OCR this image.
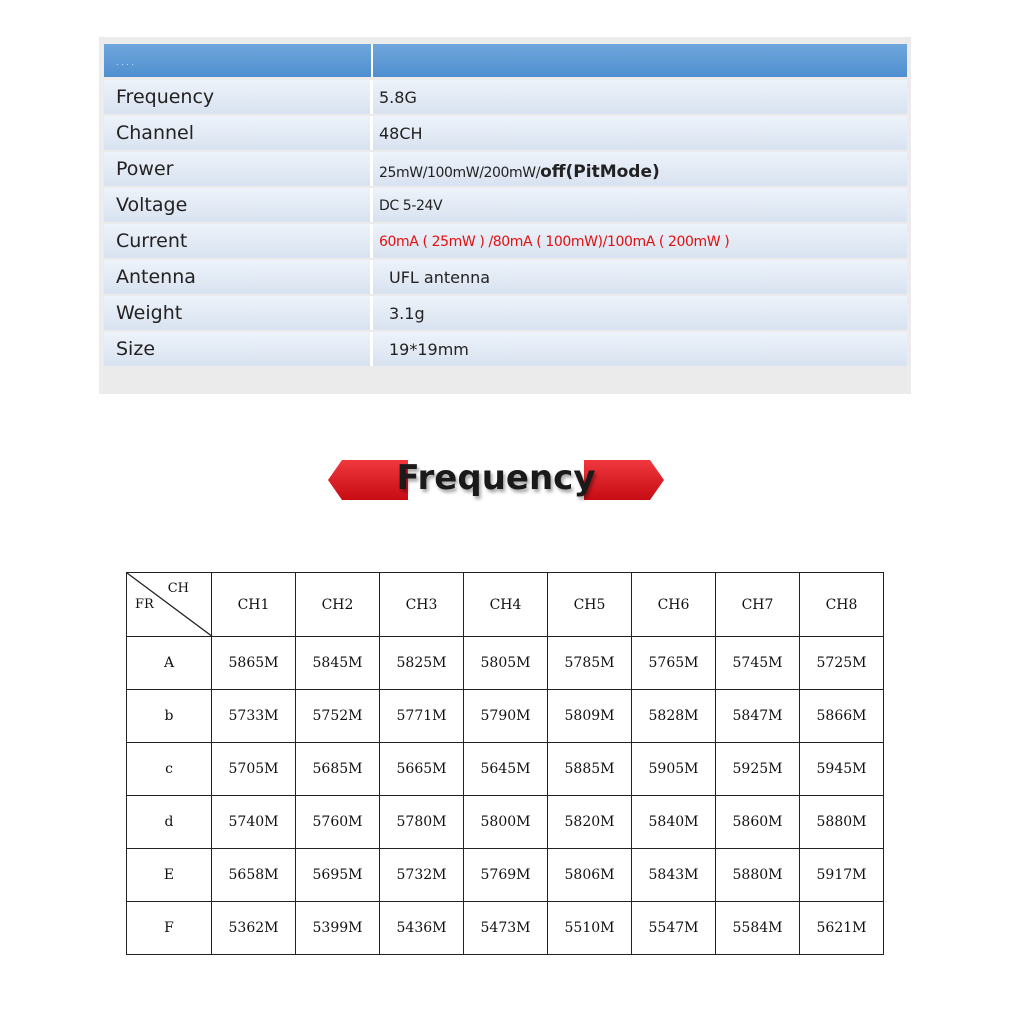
. . . .
Frequency	5.8G
Channel	48CH
Power	25mW/100mW/200mW/off(PitMode)
Voltage	DC 5-24V
Current	60mA ( 25mW ) /80mA ( 100mW)/100mA ( 200mW )
Antenna	UFL antenna
Weight	3.1g
Size	19*19mm
Frequency
CH
FR	CH1	CH2	CH3	CH4	CH5	CH6	CH7	CH8
A	5865M	5845M	5825M	5805M	5785M	5765M	5745M	5725M
b	5733M	5752M	5771M	5790M	5809M	5828M	5847M	5866M
c	5705M	5685M	5665M	5645M	5885M	5905M	5925M	5945M
d	5740M	5760M	5780M	5800M	5820M	5840M	5860M	5880M
E	5658M	5695M	5732M	5769M	5806M	5843M	5880M	5917M
F	5362M	5399M	5436M	5473M	5510M	5547M	5584M	5621M
